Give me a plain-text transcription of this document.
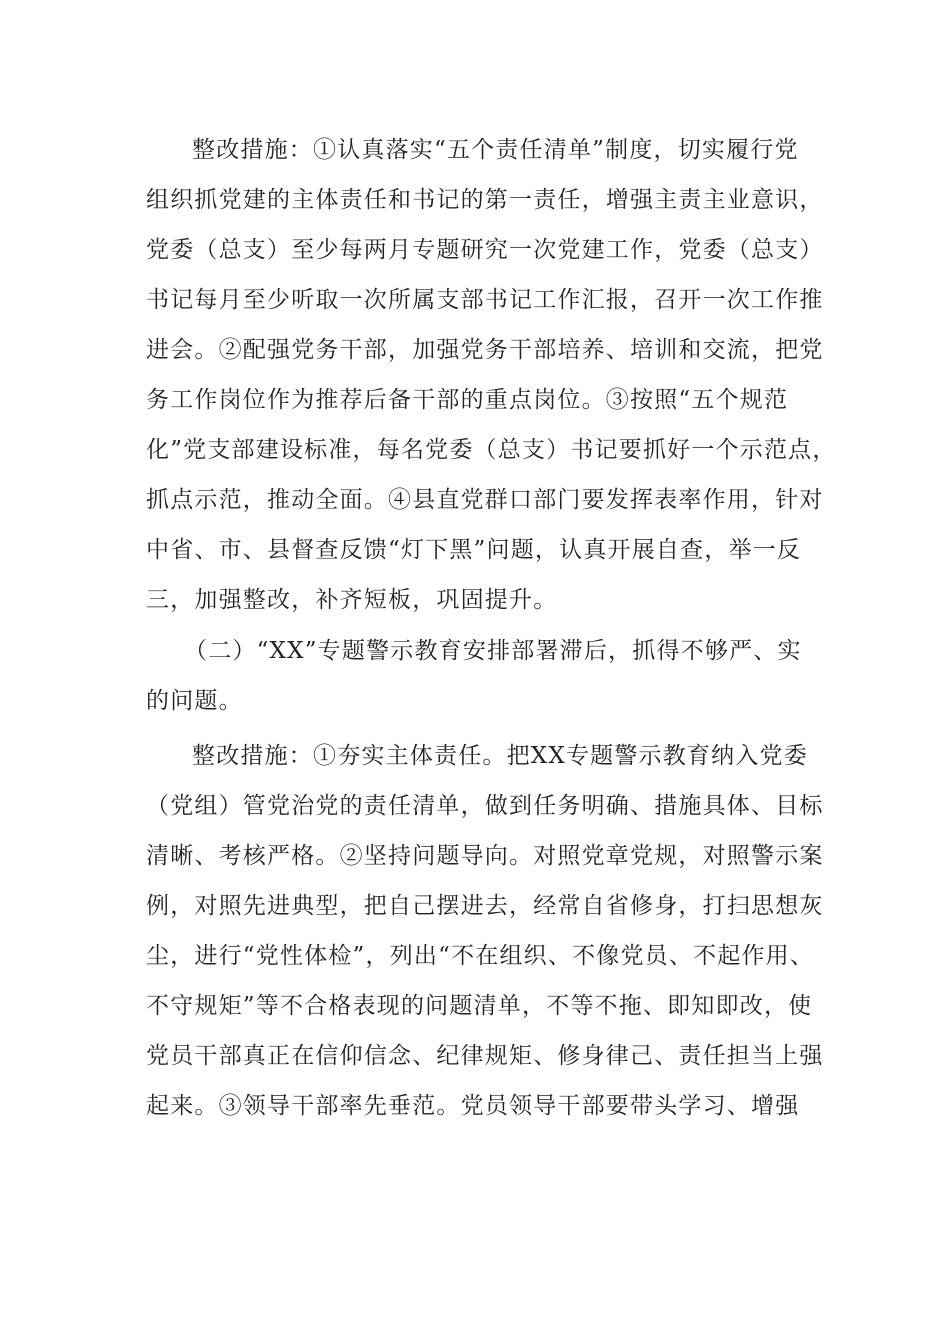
整改措施：①认真落实“五个责任清单”制度，切实履行党
组织抓党建的主体责任和书记的第一责任，增强主责主业意识，
党委（总支）至少每两月专题研究一次党建工作，党委（总支）
书记每月至少听取一次所属支部书记工作汇报，召开一次工作推
进会。②配强党务干部，加强党务干部培养、培训和交流，把党
务工作岗位作为推荐后备干部的重点岗位。③按照“五个规范
化”党支部建设标准，每名党委（总支）书记要抓好一个示范点，
抓点示范，推动全面。④县直党群口部门要发挥表率作用，针对
中省、市、县督查反馈“灯下黑”问题，认真开展自查，举一反
三，加强整改，补齐短板，巩固提升。
（二）“XX”专题警示教育安排部署滞后，抓得不够严、实
的问题。
整改措施：①夯实主体责任。把XX专题警示教育纳入党委
（党组）管党治党的责任清单，做到任务明确、措施具体、目标
清晰、考核严格。②坚持问题导向。对照党章党规，对照警示案
例，对照先进典型，把自己摆进去，经常自省修身，打扫思想灰
尘，进行“党性体检”，列出“不在组织、不像党员、不起作用、
不守规矩”等不合格表现的问题清单，不等不拖、即知即改，使
党员干部真正在信仰信念、纪律规矩、修身律己、责任担当上强
起来。③领导干部率先垂范。党员领导干部要带头学习、增强
